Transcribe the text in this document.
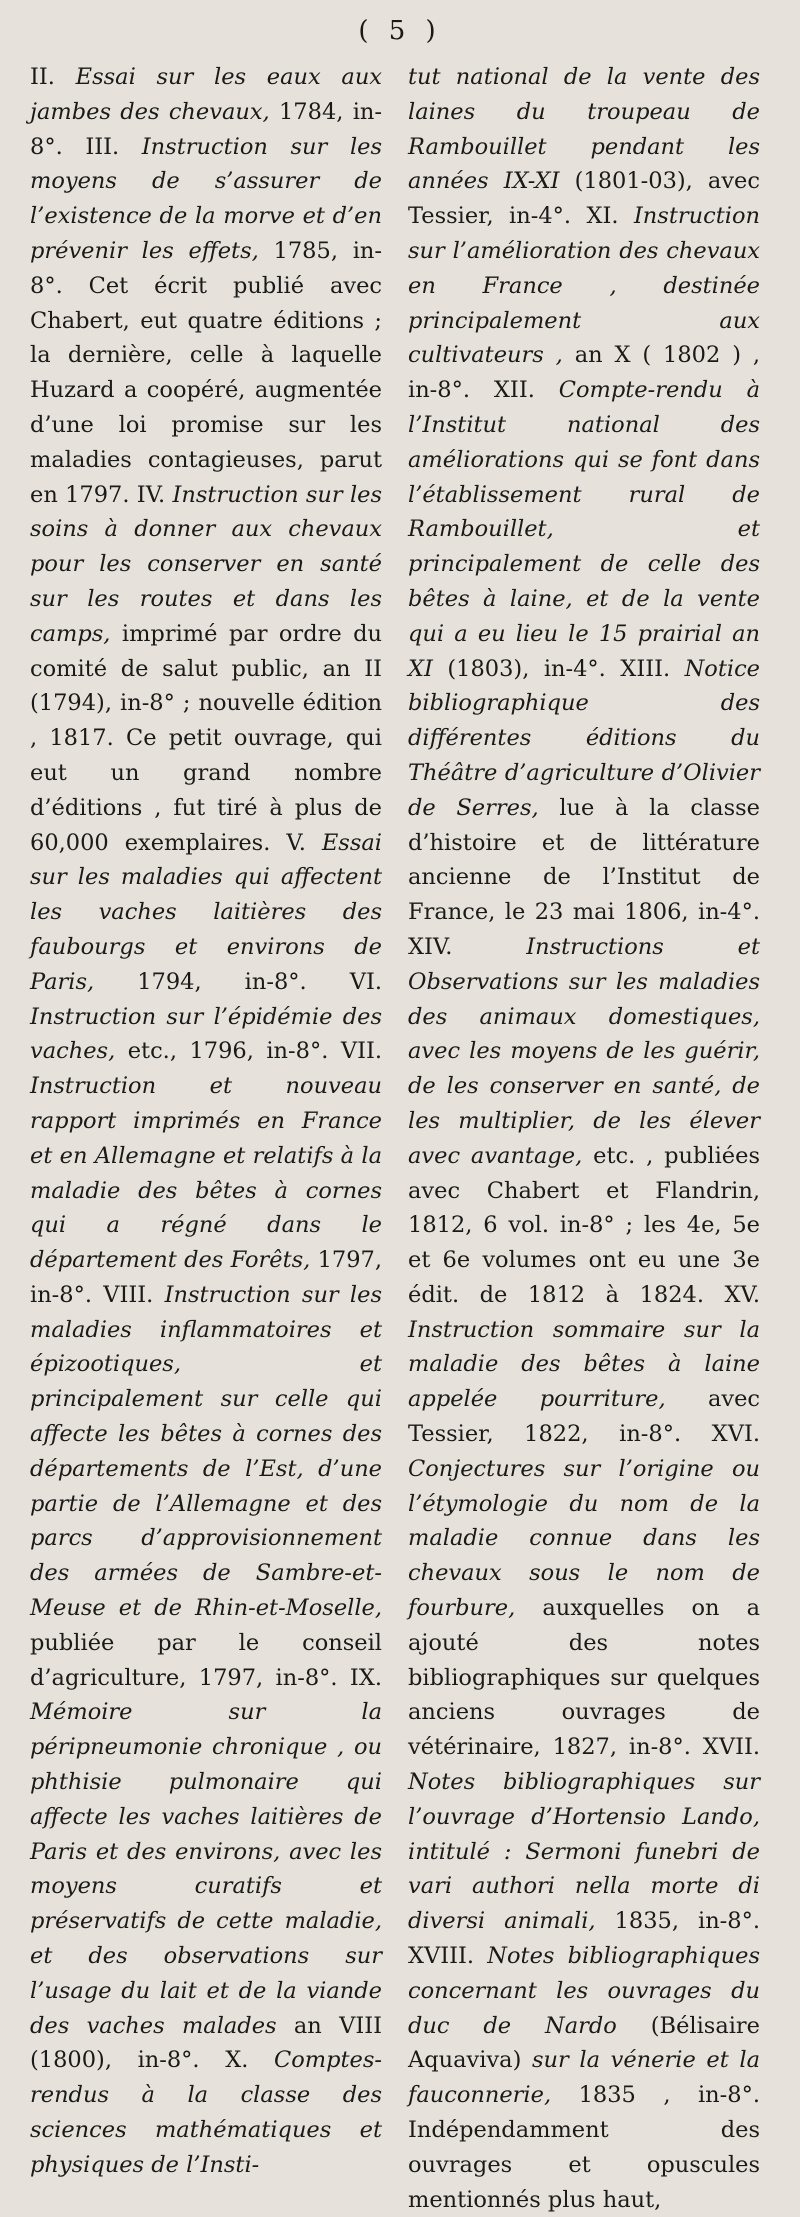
( 5 )

II. Essai sur les eaux aux jambes des chevaux, 1784, in-8°. III. Instruction sur les moyens de s’assurer de l’existence de la morve et d’en prévenir les effets, 1785, in-8°. Cet écrit publié avec Chabert, eut quatre éditions ; la dernière, celle à laquelle Huzard a coopéré, augmentée d’une loi promise sur les maladies contagieuses, parut en 1797. IV. Instruction sur les soins à donner aux chevaux pour les conserver en santé sur les routes et dans les camps, imprimé par ordre du comité de salut public, an II (1794), in-8° ; nouvelle édition , 1817. Ce petit ouvrage, qui eut un grand nombre d’éditions , fut tiré à plus de 60,000 exemplaires. V. Essai sur les maladies qui affectent les vaches laitières des faubourgs et environs de Paris, 1794, in-8°. VI. Instruction sur l’épidémie des vaches, etc., 1796, in-8°. VII. Instruction et nouveau rapport imprimés en France et en Allemagne et relatifs à la maladie des bêtes à cornes qui a régné dans le département des Forêts, 1797, in-8°. VIII. Instruction sur les maladies inflammatoires et épizootiques, et principalement sur celle qui affecte les bêtes à cornes des départements de l’Est, d’une partie de l’Allemagne et des parcs d’approvisionnement des armées de Sambre-et-Meuse et de Rhin-et-Moselle, publiée par le conseil d’agriculture, 1797, in-8°. IX. Mémoire sur la péripneumonie chronique , ou phthisie pulmonaire qui affecte les vaches laitières de Paris et des environs, avec les moyens curatifs et préservatifs de cette maladie, et des observations sur l’usage du lait et de la viande des vaches malades an VIII (1800), in-8°. X. Comptes-rendus à la classe des sciences mathématiques et physiques de l’Insti-

tut national de la vente des laines du troupeau de Rambouillet pendant les années IX-XI (1801-03), avec Tessier, in-4°. XI. Instruction sur l’amélioration des chevaux en France , destinée principalement aux cultivateurs , an X ( 1802 ) , in-8°. XII. Compte-rendu à l’Institut national des améliorations qui se font dans l’établissement rural de Rambouillet, et principalement de celle des bêtes à laine, et de la vente qui a eu lieu le 15 prairial an XI (1803), in-4°. XIII. Notice bibliographique des différentes éditions du Théâtre d’agriculture d’Olivier de Serres, lue à la classe d’histoire et de littérature ancienne de l’Institut de France, le 23 mai 1806, in-4°. XIV. Instructions et Observations sur les maladies des animaux domestiques, avec les moyens de les guérir, de les conserver en santé, de les multiplier, de les élever avec avantage, etc. , publiées avec Chabert et Flandrin, 1812, 6 vol. in-8° ; les 4e, 5e et 6e volumes ont eu une 3e édit. de 1812 à 1824. XV. Instruction sommaire sur la maladie des bêtes à laine appelée pourriture, avec Tessier, 1822, in-8°. XVI. Conjectures sur l’origine ou l’étymologie du nom de la maladie connue dans les chevaux sous le nom de fourbure, auxquelles on a ajouté des notes bibliographiques sur quelques anciens ouvrages de vétérinaire, 1827, in-8°. XVII. Notes bibliographiques sur l’ouvrage d’Hortensio Lando, intitulé : Sermoni funebri de vari authori nella morte di diversi animali, 1835, in-8°. XVIII. Notes bibliographiques concernant les ouvrages du duc de Nardo (Bélisaire Aquaviva) sur la vénerie et la fauconnerie, 1835 , in-8°. Indépendamment des ouvrages et opuscules mentionnés plus haut,
